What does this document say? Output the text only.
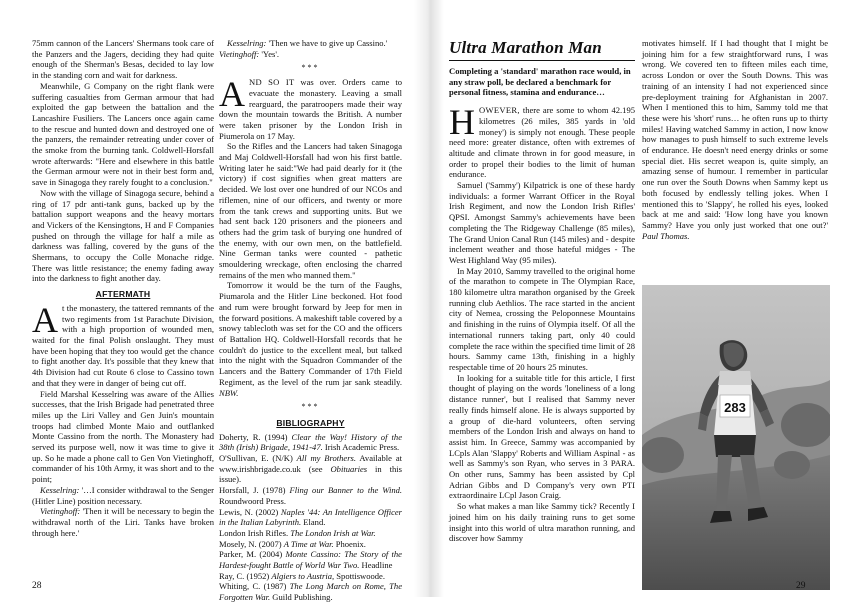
75mm cannon of the Lancers' Shermans took care of the Panzers and the Jagers, deciding they had quite enough of the Sherman's Besas, decided to lay low in the standing corn and wait for darkness.

Meanwhile, G Company on the right flank were suffering casualties from German armour that had exploited the gap between the battalion and the Lancashire Fusiliers. The Lancers once again came to the rescue and hunted down and destroyed one of the panzers, the remainder retreating under cover of the smoke from the burning tank. Coldwell-Horsfall wrote afterwards: "Here and elsewhere in this battle the German armour were not in their best form and, save in Sinagoga they rarely fought to a conclusion."

Now with the village of Sinagoga secure, behind a ring of 17 pdr anti-tank guns, backed up by the battalion support weapons and the heavy mortars and Vickers of the Kensingtons, H and F Companies pushed on through the village for half a mile as darkness was falling, covered by the guns of the Shermans, to occupy the Colle Monache ridge. There was little resistance; the enemy fading away into the darkness to fight another day.

AFTERMATH

At the monastery, the tattered remnants of the two regiments from 1st Parachute Division, with a high proportion of wounded men, waited for the final Polish onslaught. They must have been hoping that they too would get the chance to fight another day. It's possible that they knew that 4th Division had cut Route 6 close to Cassino town and that they were in danger of being cut off.

Field Marshal Kesselring was aware of the Allies successes, that the Irish Brigade had penetrated three miles up the Liri Valley and Gen Juin's mountain troops had climbed Monte Maio and outflanked Monte Cassino from the north. The Monastery had served its purpose well, now it was time to give it up. So he made a phone call to Gen Von Vietinghoff, commander of his 10th Army, it was short and to the point;

Kesselring: '…I consider withdrawal to the Senger (Hitler Line) position necessary.

Vietinghoff: 'Then it will be necessary to begin the withdrawal north of the Liri. Tanks have broken through here.'

Kesselring: 'Then we have to give up Cassino.'

Vietinghoff: 'Yes'.

***

AND SO IT was over. Orders came to evacuate the monastery. Leaving a small rearguard, the paratroopers made their way down the mountain towards the British. A number were taken prisoner by the London Irish in Piumerola on 17 May.

So the Rifles and the Lancers had taken Sinagoga and Maj Coldwell-Horsfall had won his first battle. Writing later he said:"We had paid dearly for it (the victory) if cost signifies when great matters are decided. We lost over one hundred of our NCOs and riflemen, nine of our officers, and twenty or more from the tank crews and supporting units. But we had sent back 120 prisoners and the pioneers and others had the grim task of burying one hundred of the enemy, with our own men, on the battlefield. Nine German tanks were counted - pathetic smouldering wreckage, often enclosing the charred remains of the men who manned them."

Tomorrow it would be the turn of the Faughs, Piumarola and the Hitler Line beckoned. Hot food and rum were brought forward by Jeep for men in the forward positions. A makeshift table covered by a snowy tablecloth was set for the CO and the officers of Battalion HQ. Coldwell-Horsfall records that he couldn't do justice to the excellent meal, but talked into the night with the Squadron Commander of the Lancers and the Battery Commander of 17th Field Regiment, as the level of the rum jar sank steadily. NBW.

***

BIBLIOGRAPHY

Doherty, R. (1994) Clear the Way! History of the 38th (Irish) Brigade, 1941-47. Irish Academic Press.

O'Sullivan, E. (N/K) All my Brothers. Available at www.irishbrigade.co.uk (see Obituaries in this issue).

Horsfall, J. (1978) Fling our Banner to the Wind. Roundwoord Press.

Lewis, N. (2002) Naples '44: An Intelligence Officer in the Italian Labyrinth. Eland.

London Irish Rifles. The London Irish at War.

Mosely, N. (2007) A Time at War. Phoenix.

Parker, M. (2004) Monte Cassino: The Story of the Hardest-fought Battle of World War Two. Headline

Ray, C. (1952) Algiers to Austria, Spottiswoode.

Whiting, C. (1987) The Long March on Rome, The Forgotten War. Guild Publishing.

28
Ultra Marathon Man
Completing a 'standard' marathon race would, in any straw poll, be declared a benchmark for personal fitness, stamina and endurance…

HOWEVER, there are some to whom 42.195 kilometres (26 miles, 385 yards in 'old money') is simply not enough. These people need more: greater distance, often with extremes of altitude and climate thrown in for good measure, in order to propel their bodies to the limit of human endurance.

Samuel ('Sammy') Kilpatrick is one of these hardy individuals: a former Warrant Officer in the Royal Irish Regiment, and now the London Irish Rifles' QPSI. Amongst Sammy's achievements have been completing the The Ridgeway Challenge (85 miles), The Grand Union Canal Run (145 miles) and - despite inclement weather and those hateful midges - The West Highland Way (95 miles).

In May 2010, Sammy travelled to the original home of the marathon to compete in The Olympian Race, 180 kilometre ultra marathon organised by the Greek running club Aethlios. The race started in the ancient city of Nemea, crossing the Peloponnese Mountains and finishing in the ruins of Olympia itself. Of all the international runners taking part, only 40 could complete the race within the specified time limit of 28 hours. Sammy came 13th, finishing in a highly respectable time of 20 hours 25 minutes.

In looking for a suitable title for this article, I first thought of playing on the words 'loneliness of a long distance runner', but I realised that Sammy never really finds himself alone. He is always supported by a group of die-hard volunteers, often serving members of the London Irish and always on hand to assist him. In Greece, Sammy was accompanied by LCpls Alan 'Slappy' Roberts and William Aspinal - as well as Sammy's son Ryan, who serves in 3 PARA. On other runs, Sammy has been assisted by Cpl Adrian Gibbs and D Company's very own PTI extraordinaire LCpl Jason Craig.

So what makes a man like Sammy tick? Recently I joined him on his daily training runs to get some insight into this world of ultra marathon running, and discover how Sammy

motivates himself. If I had thought that I might be joining him for a few straightforward runs, I was wrong. We covered ten to fifteen miles each time, across London or over the South Downs. This was training of an intensity I had not experienced since pre-deployment training for Afghanistan in 2007. When I mentioned this to him, Sammy told me that these were his 'short' runs… he often runs up to thirty miles! Having watched Sammy in action, I now know how manages to push himself to such extreme levels of endurance. He doesn't need energy drinks or some special diet. His secret weapon is, quite simply, an amazing sense of humour. I remember in particular one run over the South Downs when Sammy kept us both focused by endlessly telling jokes. When I mentioned this to 'Slappy', he rolled his eyes, looked back at me and said: 'How long have you known Sammy? Have you only just worked that one out?' Paul Thomas.

283
29
